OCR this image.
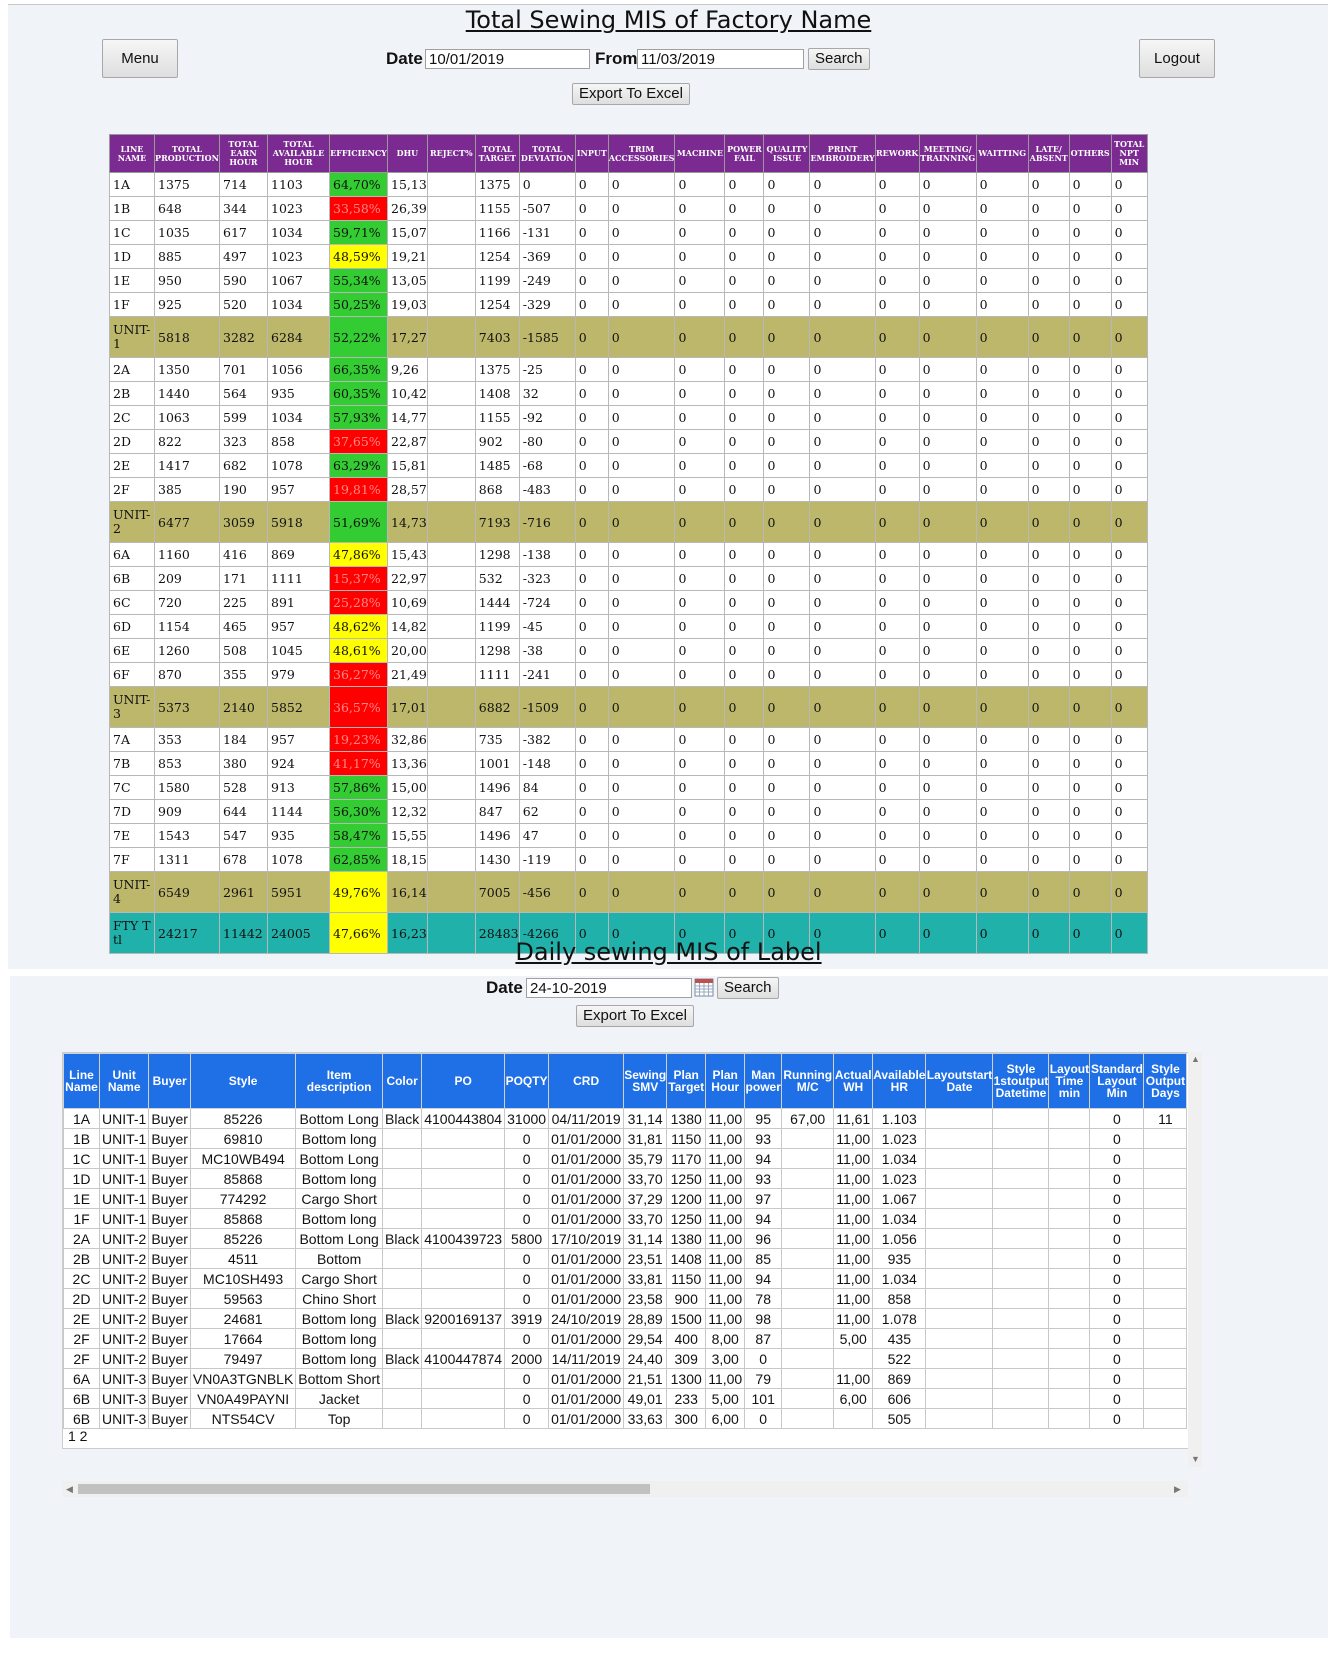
Total Sewing MIS of Factory Name
Menu	Logout
Date 10/01/2019	From 11/03/2019	Search
Export To Excel
LINE NAME	TOTAL PRODUCTION	TOTAL EARN HOUR	TOTAL AVAILABLE HOUR	EFFICIENCY	DHU	REJECT%	TOTAL TARGET	TOTAL DEVIATION	INPUT	TRIM ACCESSORIES	MACHINE	POWER FAIL	QUALITY ISSUE	PRINT EMBROIDERY	REWORK	MEETING/ TRAINNING	WAITTING	LATE/ ABSENT	OTHERS	TOTAL NPT MIN
1A	1375	714	1103	64,70%	15,13		1375	0	0	0	0	0	0	0	0	0	0	0	0	0
1B	648	344	1023	33,58%	26,39		1155	-507	0	0	0	0	0	0	0	0	0	0	0	0
1C	1035	617	1034	59,71%	15,07		1166	-131	0	0	0	0	0	0	0	0	0	0	0	0
1D	885	497	1023	48,59%	19,21		1254	-369	0	0	0	0	0	0	0	0	0	0	0	0
1E	950	590	1067	55,34%	13,05		1199	-249	0	0	0	0	0	0	0	0	0	0	0	0
1F	925	520	1034	50,25%	19,03		1254	-329	0	0	0	0	0	0	0	0	0	0	0	0
UNIT-1	5818	3282	6284	52,22%	17,27		7403	-1585	0	0	0	0	0	0	0	0	0	0	0	0
2A	1350	701	1056	66,35%	9,26		1375	-25	0	0	0	0	0	0	0	0	0	0	0	0
2B	1440	564	935	60,35%	10,42		1408	32	0	0	0	0	0	0	0	0	0	0	0	0
2C	1063	599	1034	57,93%	14,77		1155	-92	0	0	0	0	0	0	0	0	0	0	0	0
2D	822	323	858	37,65%	22,87		902	-80	0	0	0	0	0	0	0	0	0	0	0	0
2E	1417	682	1078	63,29%	15,81		1485	-68	0	0	0	0	0	0	0	0	0	0	0	0
2F	385	190	957	19,81%	28,57		868	-483	0	0	0	0	0	0	0	0	0	0	0	0
UNIT-2	6477	3059	5918	51,69%	14,73		7193	-716	0	0	0	0	0	0	0	0	0	0	0	0
6A	1160	416	869	47,86%	15,43		1298	-138	0	0	0	0	0	0	0	0	0	0	0	0
6B	209	171	1111	15,37%	22,97		532	-323	0	0	0	0	0	0	0	0	0	0	0	0
6C	720	225	891	25,28%	10,69		1444	-724	0	0	0	0	0	0	0	0	0	0	0	0
6D	1154	465	957	48,62%	14,82		1199	-45	0	0	0	0	0	0	0	0	0	0	0	0
6E	1260	508	1045	48,61%	20,00		1298	-38	0	0	0	0	0	0	0	0	0	0	0	0
6F	870	355	979	36,27%	21,49		1111	-241	0	0	0	0	0	0	0	0	0	0	0	0
UNIT-3	5373	2140	5852	36,57%	17,01		6882	-1509	0	0	0	0	0	0	0	0	0	0	0	0
7A	353	184	957	19,23%	32,86		735	-382	0	0	0	0	0	0	0	0	0	0	0	0
7B	853	380	924	41,17%	13,36		1001	-148	0	0	0	0	0	0	0	0	0	0	0	0
7C	1580	528	913	57,86%	15,00		1496	84	0	0	0	0	0	0	0	0	0	0	0	0
7D	909	644	1144	56,30%	12,32		847	62	0	0	0	0	0	0	0	0	0	0	0	0
7E	1543	547	935	58,47%	15,55		1496	47	0	0	0	0	0	0	0	0	0	0	0	0
7F	1311	678	1078	62,85%	18,15		1430	-119	0	0	0	0	0	0	0	0	0	0	0	0
UNIT-4	6549	2961	5951	49,76%	16,14		7005	-456	0	0	0	0	0	0	0	0	0	0	0	0
FTY Ttl	24217	11442	24005	47,66%	16,23		28483	-4266	0	0	0	0	0	0	0	0	0	0	0	0
Daily sewing MIS of Label
Date 24-10-2019	Search
Export To Excel
Line Name	Unit Name	Buyer	Style	Item description	Color	PO	POQTY	CRD	Sewing SMV	Plan Target	Plan Hour	Man power	Running M/C	Actual WH	Available HR	Layoutstart Date	Style 1stoutput Datetime	Layout Time min	Standard Layout Min	Style Output Days
1A	UNIT-1	Buyer	85226	Bottom Long	Black	4100443804	31000	04/11/2019	31,14	1380	11,00	95	67,00	11,61	1.103				0	11
1B	UNIT-1	Buyer	69810	Bottom long			0	01/01/2000	31,81	1150	11,00	93		11,00	1.023				0	
1C	UNIT-1	Buyer	MC10WB494	Bottom Long			0	01/01/2000	35,79	1170	11,00	94		11,00	1.034				0	
1D	UNIT-1	Buyer	85868	Bottom long			0	01/01/2000	33,70	1250	11,00	93		11,00	1.023				0	
1E	UNIT-1	Buyer	774292	Cargo Short			0	01/01/2000	37,29	1200	11,00	97		11,00	1.067				0	
1F	UNIT-1	Buyer	85868	Bottom long			0	01/01/2000	33,70	1250	11,00	94		11,00	1.034				0	
2A	UNIT-2	Buyer	85226	Bottom Long	Black	4100439723	5800	17/10/2019	31,14	1380	11,00	96		11,00	1.056				0	
2B	UNIT-2	Buyer	4511	Bottom			0	01/01/2000	23,51	1408	11,00	85		11,00	935				0	
2C	UNIT-2	Buyer	MC10SH493	Cargo Short			0	01/01/2000	33,81	1150	11,00	94		11,00	1.034				0	
2D	UNIT-2	Buyer	59563	Chino Short			0	01/01/2000	23,58	900	11,00	78		11,00	858				0	
2E	UNIT-2	Buyer	24681	Bottom long	Black	9200169137	3919	24/10/2019	28,89	1500	11,00	98		11,00	1.078				0	
2F	UNIT-2	Buyer	17664	Bottom long			0	01/01/2000	29,54	400	8,00	87		5,00	435				0	
2F	UNIT-2	Buyer	79497	Bottom long	Black	4100447874	2000	14/11/2019	24,40	309	3,00	0			522				0	
6A	UNIT-3	Buyer	VN0A3TGNBLK	Bottom Short			0	01/01/2000	21,51	1300	11,00	79		11,00	869				0	
6B	UNIT-3	Buyer	VN0A49PAYNI	Jacket			0	01/01/2000	49,01	233	5,00	101		6,00	606				0	
6B	UNIT-3	Buyer	NTS54CV	Top			0	01/01/2000	33,63	300	6,00	0			505				0	
1 2
▲
▼
◀	▶
